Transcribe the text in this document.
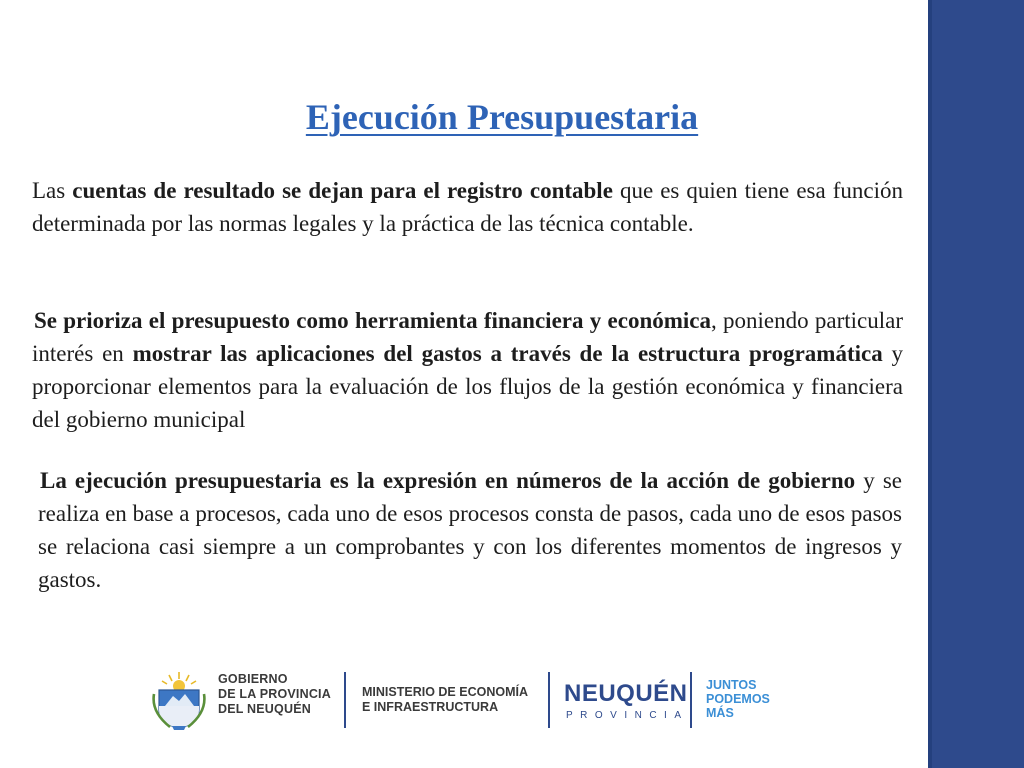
Ejecución Presupuestaria

Las cuentas de resultado se dejan para el registro contable que es quien tiene esa función determinada por las normas legales y la práctica de las técnica contable.

Se prioriza el presupuesto como herramienta financiera y económica, poniendo particular interés en mostrar las aplicaciones del gastos a través de la estructura programática y proporcionar elementos para la evaluación de los flujos de la gestión económica y financiera del gobierno municipal

La ejecución presupuestaria es la expresión en números de la acción de gobierno y se realiza en base a procesos, cada uno de esos procesos consta de pasos, cada uno de esos pasos se relaciona casi siempre a un comprobantes y con los diferentes momentos de ingresos y gastos.

GOBIERNO
DE LA PROVINCIA
DEL NEUQUÉN
MINISTERIO DE ECONOMÍA
E INFRAESTRUCTURA	NEUQUÉN
PROVINCIA
JUNTOS
PODEMOS
MÁS
